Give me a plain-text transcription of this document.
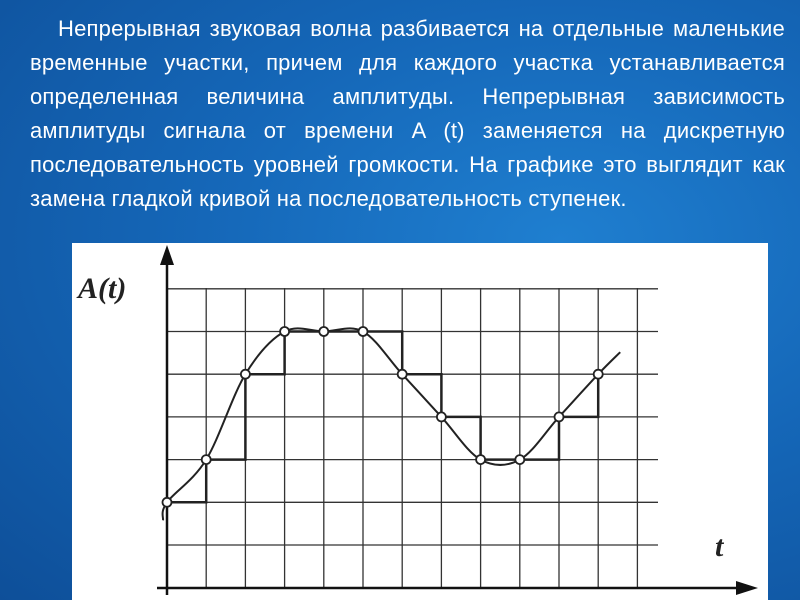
Непрерывная звуковая волна разбивается на отдельные маленькие временные участки, причем для каждого участка устанавливается определенная величина амплитуды. Непрерывная зависимость амплитуды сигнала от времени A (t) заменяется на дискретную последовательность уровней громкости. На графике это выглядит как замена гладкой кривой на последовательность ступенек.
A(t)
t
